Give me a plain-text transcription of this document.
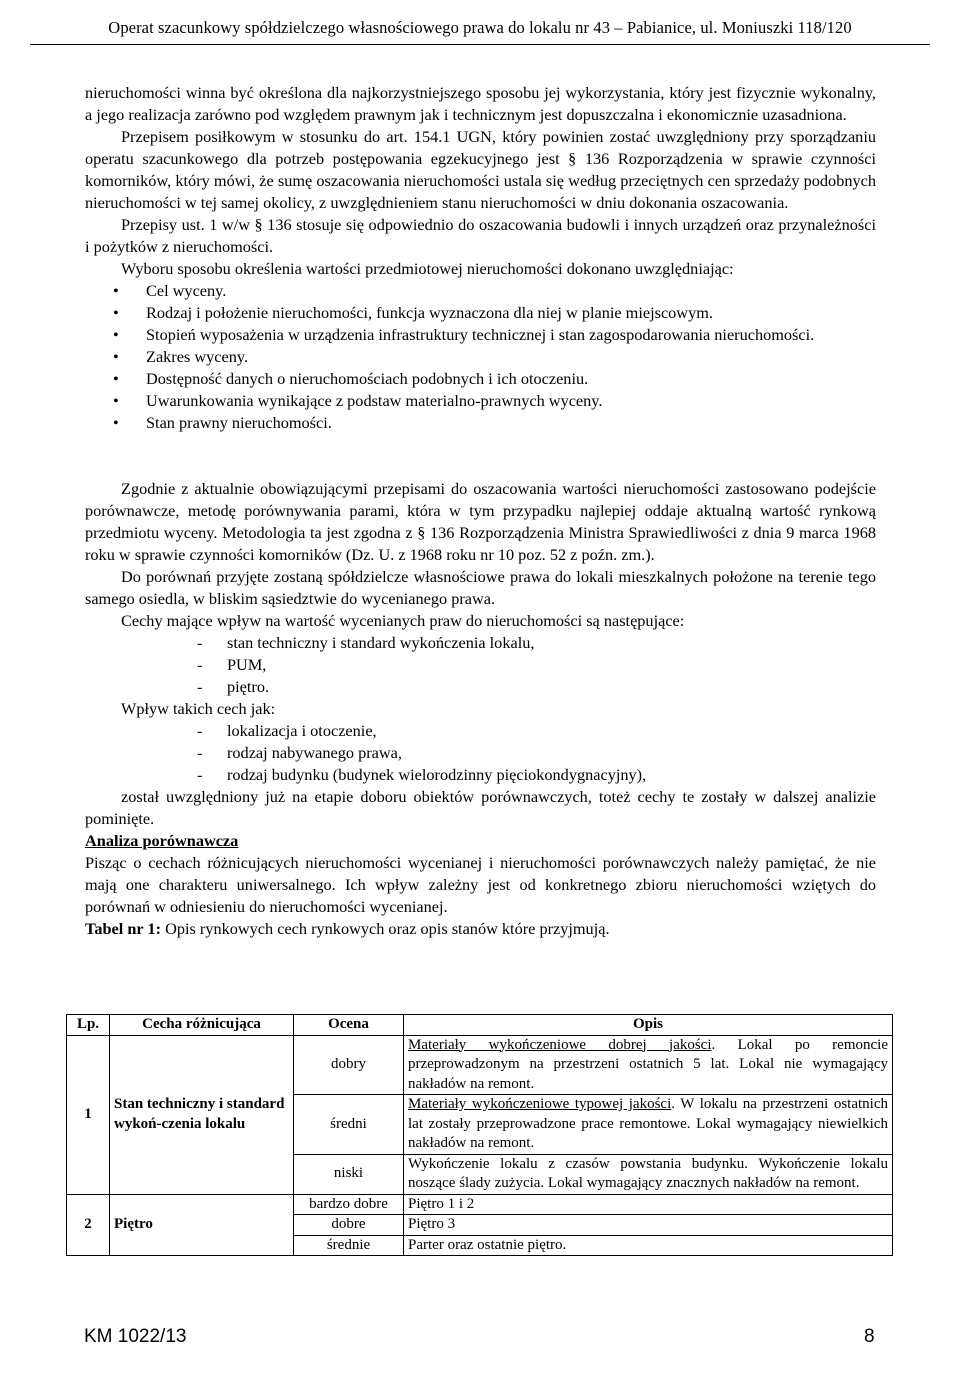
Operat szacunkowy spółdzielczego własnościowego prawa do lokalu nr 43 – Pabianice, ul. Moniuszki 118/120

nieruchomości winna być określona dla najkorzystniejszego sposobu jej wykorzystania, który jest fizycznie wykonalny, a jego realizacja zarówno pod względem prawnym jak i technicznym jest dopuszczalna i ekonomicznie uzasadniona.

Przepisem posiłkowym w stosunku do art. 154.1 UGN, który powinien zostać uwzględniony przy sporządzaniu operatu szacunkowego dla potrzeb postępowania egzekucyjnego jest § 136 Rozporządzenia w sprawie czynności komorników, który mówi, że sumę oszacowania nieruchomości ustala się według przeciętnych cen sprzedaży podobnych nieruchomości w tej samej okolicy, z uwzględnieniem stanu nieruchomości w dniu dokonania oszacowania.

Przepisy ust. 1 w/w § 136 stosuje się odpowiednio do oszacowania budowli i innych urządzeń oraz przynależności i pożytków z nieruchomości.

Wyboru sposobu określenia wartości przedmiotowej nieruchomości dokonano uwzględniając:

• Cel wyceny.

• Rodzaj i położenie nieruchomości, funkcja wyznaczona dla niej w planie miejscowym.

• Stopień wyposażenia w urządzenia infrastruktury technicznej i stan zagospodarowania nieruchomości.

• Zakres wyceny.

• Dostępność danych o nieruchomościach podobnych i ich otoczeniu.

• Uwarunkowania wynikające z podstaw materialno-prawnych wyceny.

• Stan prawny nieruchomości.

Zgodnie z aktualnie obowiązującymi przepisami do oszacowania wartości nieruchomości zastosowano podejście porównawcze, metodę porównywania parami, która w tym przypadku najlepiej oddaje aktualną wartość rynkową przedmiotu wyceny. Metodologia ta jest zgodna z § 136 Rozporządzenia Ministra Sprawiedliwości z dnia 9 marca 1968 roku w sprawie czynności komorników (Dz. U. z 1968 roku nr 10 poz. 52 z poźn. zm.).

Do porównań przyjęte zostaną spółdzielcze własnościowe prawa do lokali mieszkalnych położone na terenie tego samego osiedla, w bliskim sąsiedztwie do wycenianego prawa.

Cechy mające wpływ na wartość wycenianych praw do nieruchomości są następujące:

- stan techniczny i standard wykończenia lokalu,

- PUM,

- piętro.

Wpływ takich cech jak:

- lokalizacja i otoczenie,

- rodzaj nabywanego prawa,

- rodzaj budynku (budynek wielorodzinny pięciokondygnacyjny),

został uwzględniony już na etapie doboru obiektów porównawczych, toteż cechy te zostały w dalszej analizie pominięte.

Analiza porównawcza

Pisząc o cechach różnicujących nieruchomości wycenianej i nieruchomości porównawczych należy pamiętać, że nie mają one charakteru uniwersalnego. Ich wpływ zależny jest od konkretnego zbioru nieruchomości wziętych do porównań w odniesieniu do nieruchomości wycenianej.

Tabel nr 1: Opis rynkowych cech rynkowych oraz opis stanów które przyjmują.

Lp.	Cecha różnicująca	Ocena	Opis
1	Stan techniczny i standard wykoń-czenia lokalu	dobry	Materiały wykończeniowe dobrej jakości. Lokal po remoncie przeprowadzonym na przestrzeni ostatnich 5 lat. Lokal nie wymagający nakładów na remont.
		średni	Materiały wykończeniowe typowej jakości. W lokalu na przestrzeni ostatnich lat zostały przeprowadzone prace remontowe. Lokal wymagający niewielkich nakładów na remont.
		niski	Wykończenie lokalu z czasów powstania budynku. Wykończenie lokalu noszące ślady zużycia. Lokal wymagający znacznych nakładów na remont.
2	Piętro	bardzo dobre	Piętro 1 i 2
		dobre	Piętro 3
		średnie	Parter oraz ostatnie piętro.
KM 1022/13	8
